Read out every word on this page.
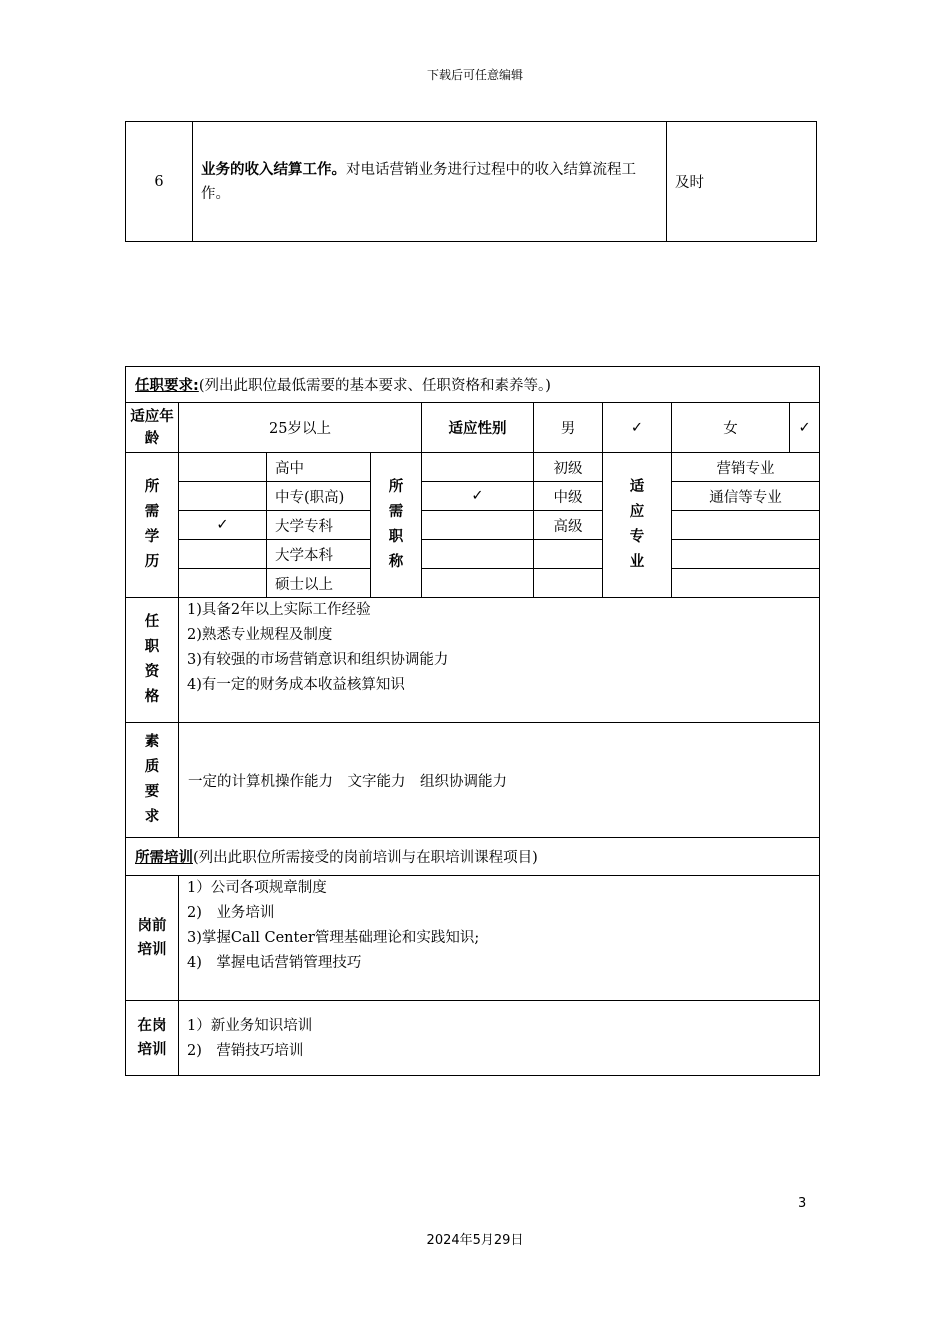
下载后可任意编辑
6	业务的收入结算工作。对电话营销业务进行过程中的收入结算流程工作。	及时
任职要求:(列出此职位最低需要的基本要求、任职资格和素养等。)								
适应年龄	25岁以上			适应性别	男	✓	女	✓
所需学历		高中	所需职称		初级	适应专业	营销专业	
		中专(职高)		✓	中级		通信等专业	
	✓	大学专科			高级			
		大学本科						
		硕士以上						
任职资格	1)具备2年以上实际工作经验
2)熟悉专业规程及制度
3)有较强的市场营销意识和组织协调能力
4)有一定的财务成本收益核算知识							

素质要求	一定的计算机操作能力　文字能力　组织协调能力							
所需培训(列出此职位所需接受的岗前培训与在职培训课程项目)								
岗前培训	1）公司各项规章制度
2)　业务培训
3)掌握Call Center管理基础理论和实践知识;
4)　掌握电话营销管理技巧							

在岗培训	1）新业务知识培训
2)　营销技巧培训							
3
2024年5月29日
